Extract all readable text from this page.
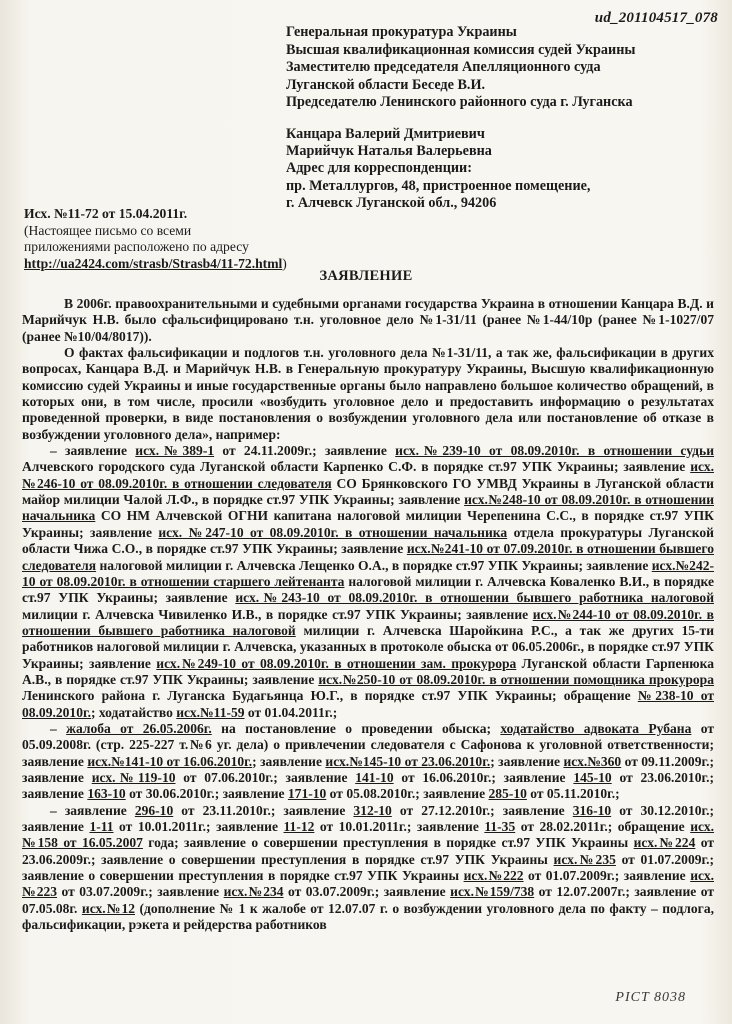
ud_201104517_078
Генеральная прокуратура Украины
Высшая квалификационная комиссия судей Украины
Заместителю председателя Апелляционного суда
Луганской области Беседе В.И.
Председателю Ленинского районного суда г. Луганска
Канцара Валерий Дмитриевич
Марийчук Наталья Валерьевна
Адрес для корреспонденции:
пр. Металлургов, 48, пристроенное помещение,
г. Алчевск Луганской обл., 94206
Исх. №11-72 от 15.04.2011г.
(Настоящее письмо со всеми
приложениями расположено по адресу
http://ua2424.com/strasb/Strasb4/11-72.html)
ЗАЯВЛЕНИЕ

В 2006г. правоохранительными и судебными органами государства Украина в отношении Канцара В.Д. и Марийчук Н.В. было сфальсифицировано т.н. уголовное дело №1-31/11 (ранее №1-44/10р (ранее №1-1027/07 (ранее №10/04/8017)).

О фактах фальсификации и подлогов т.н. уголовного дела №1-31/11, а так же, фальсификации в других вопросах, Канцара В.Д. и Марийчук Н.В. в Генеральную прокуратуру Украины, Высшую квалификационную комиссию судей Украины и иные государственные органы было направлено большое количество обращений, в которых они, в том числе, просили «возбудить уголовное дело и предоставить информацию о результатах проведенной проверки, в виде постановления о возбуждении уголовного дела или постановление об отказе в возбуждении уголовного дела», например:

– заявление исх.№389-1 от 24.11.2009г.; заявление исх.№239-10 от 08.09.2010г. в отношении судьи Алчевского городского суда Луганской области Карпенко С.Ф. в порядке ст.97 УПК Украины; заявление исх.№246-10 от 08.09.2010г. в отношении следователя СО Брянковского ГО УМВД Украины в Луганской области майор милиции Чалой Л.Ф., в порядке ст.97 УПК Украины; заявление исх.№248-10 от 08.09.2010г. в отношении начальника СО НМ Алчевской ОГНИ капитана налоговой милиции Черепенина С.С., в порядке ст.97 УПК Украины; заявление исх. №247-10 от 08.09.2010г. в отношении начальника отдела прокуратуры Луганской области Чижа С.О., в порядке ст.97 УПК Украины; заявление исх.№241-10 от 07.09.2010г. в отношении бывшего следователя налоговой милиции г. Алчевска Лещенко О.А., в порядке ст.97 УПК Украины; заявление исх.№242-10 от 08.09.2010г. в отношении старшего лейтенанта налоговой милиции г. Алчевска Коваленко В.И., в порядке ст.97 УПК Украины; заявление исх.№243-10 от 08.09.2010г. в отношении бывшего работника налоговой милиции г. Алчевска Чивиленко И.В., в порядке ст.97 УПК Украины; заявление исх.№244-10 от 08.09.2010г. в отношении бывшего работника налоговой милиции г. Алчевска Шаройкина Р.С., а так же других 15-ти работников налоговой милиции г. Алчевска, указанных в протоколе обыска от 06.05.2006г., в порядке ст.97 УПК Украины; заявление исх.№249-10 от 08.09.2010г. в отношении зам. прокурора Луганской области Гарпенюка А.В., в порядке ст.97 УПК Украины; заявление исх.№250-10 от 08.09.2010г. в отношении помощника прокурора Ленинского района г. Луганска Будагьянца Ю.Г., в порядке ст.97 УПК Украины; обращение №238-10 от 08.09.2010г.; ходатайство исх.№11-59 от 01.04.2011г.;

– жалоба от 26.05.2006г. на постановление о проведении обыска; ходатайство адвоката Рубана от 05.09.2008г. (стр. 225-227 т.№6 уг. дела) о привлечении следователя с Сафонова к уголовной ответственности; заявление исх.№141-10 от 16.06.2010г.; заявление исх.№145-10 от 23.06.2010г.; заявление исх.№360 от 09.11.2009г.; заявление исх.№119-10 от 07.06.2010г.; заявление 141-10 от 16.06.2010г.; заявление 145-10 от 23.06.2010г.; заявление 163-10 от 30.06.2010г.; заявление 171-10 от 05.08.2010г.; заявление 285-10 от 05.11.2010г.;

– заявление 296-10 от 23.11.2010г.; заявление 312-10 от 27.12.2010г.; заявление 316-10 от 30.12.2010г.; заявление 1-11 от 10.01.2011г.; заявление 11-12 от 10.01.2011г.; заявление 11-35 от 28.02.2011г.; обращение исх.№158 от 16.05.2007 года; заявление о совершении преступления в порядке ст.97 УПК Украины исх.№224 от 23.06.2009г.; заявление о совершении преступления в порядке ст.97 УПК Украины исх.№235 от 01.07.2009г.; заявление о совершении преступления в порядке ст.97 УПК Украины исх.№222 от 01.07.2009г.; заявление исх.№223 от 03.07.2009г.; заявление исх.№234 от 03.07.2009г.; заявление исх.№159/738 от 12.07.2007г.; заявление от 07.05.08г. исх.№12 (дополнение № 1 к жалобе от 12.07.07 г. о возбуждении уголовного дела по факту – подлога, фальсификации, рэкета и рейдерства работников

PICT 8038
